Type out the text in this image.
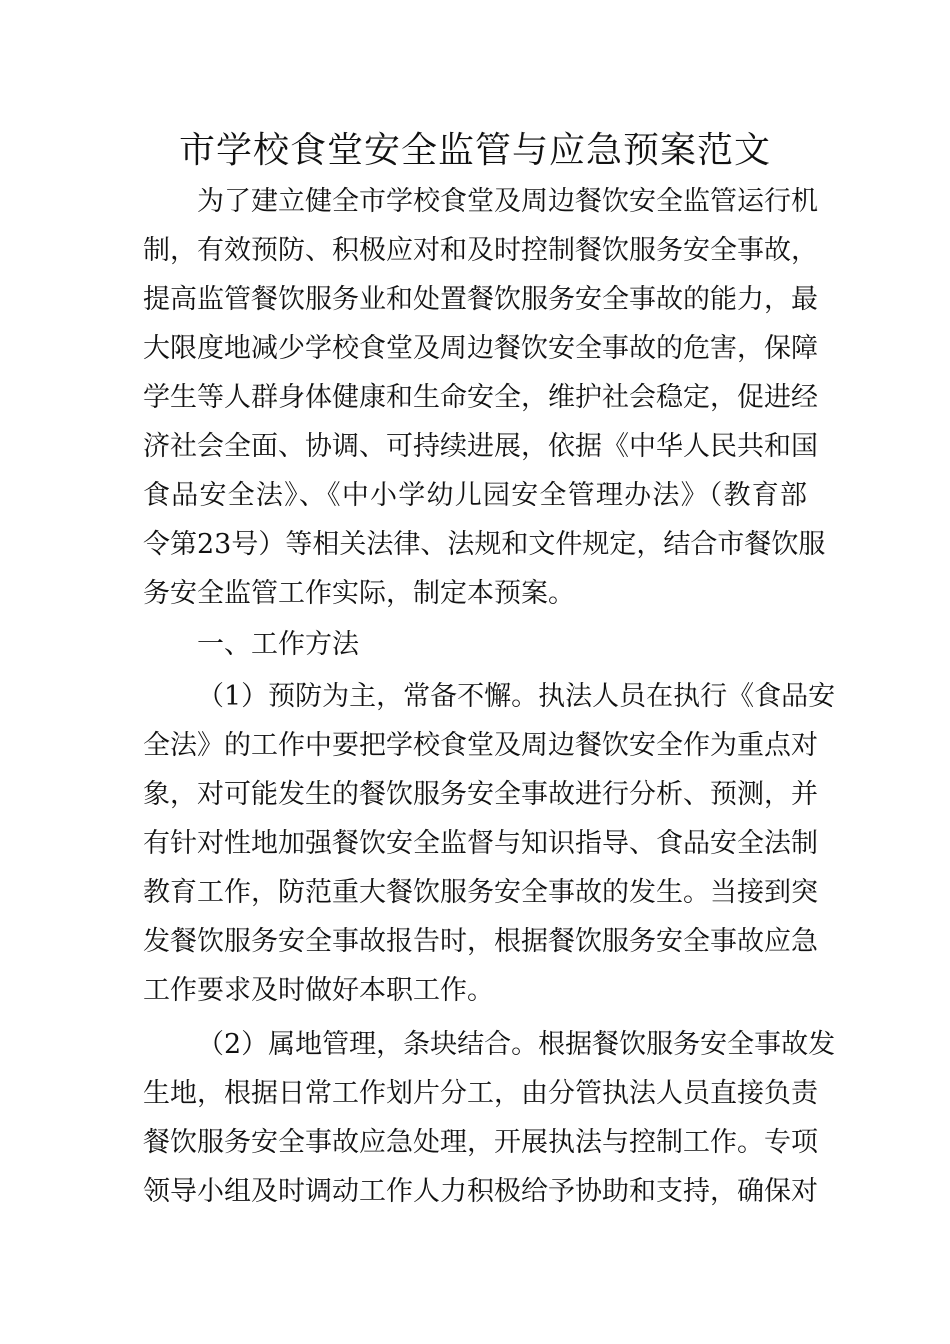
市学校食堂安全监管与应急预案范文
为了建立健全市学校食堂及周边餐饮安全监管运行机
制，有效预防、积极应对和及时控制餐饮服务安全事故，
提高监管餐饮服务业和处置餐饮服务安全事故的能力，最
大限度地减少学校食堂及周边餐饮安全事故的危害，保障
学生等人群身体健康和生命安全，维护社会稳定，促进经
济社会全面、协调、可持续进展，依据《中华人民共和国
食品安全法》、《中小学幼儿园安全管理办法》（教育部
令第23号）等相关法律、法规和文件规定，结合市餐饮服
务安全监管工作实际，制定本预案。
一、工作方法
（1）预防为主，常备不懈。执法人员在执行《食品安
全法》的工作中要把学校食堂及周边餐饮安全作为重点对
象，对可能发生的餐饮服务安全事故进行分析、预测，并
有针对性地加强餐饮安全监督与知识指导、食品安全法制
教育工作，防范重大餐饮服务安全事故的发生。当接到突
发餐饮服务安全事故报告时，根据餐饮服务安全事故应急
工作要求及时做好本职工作。
（2）属地管理，条块结合。根据餐饮服务安全事故发
生地，根据日常工作划片分工，由分管执法人员直接负责
餐饮服务安全事故应急处理，开展执法与控制工作。专项
领导小组及时调动工作人力积极给予协助和支持，确保对
